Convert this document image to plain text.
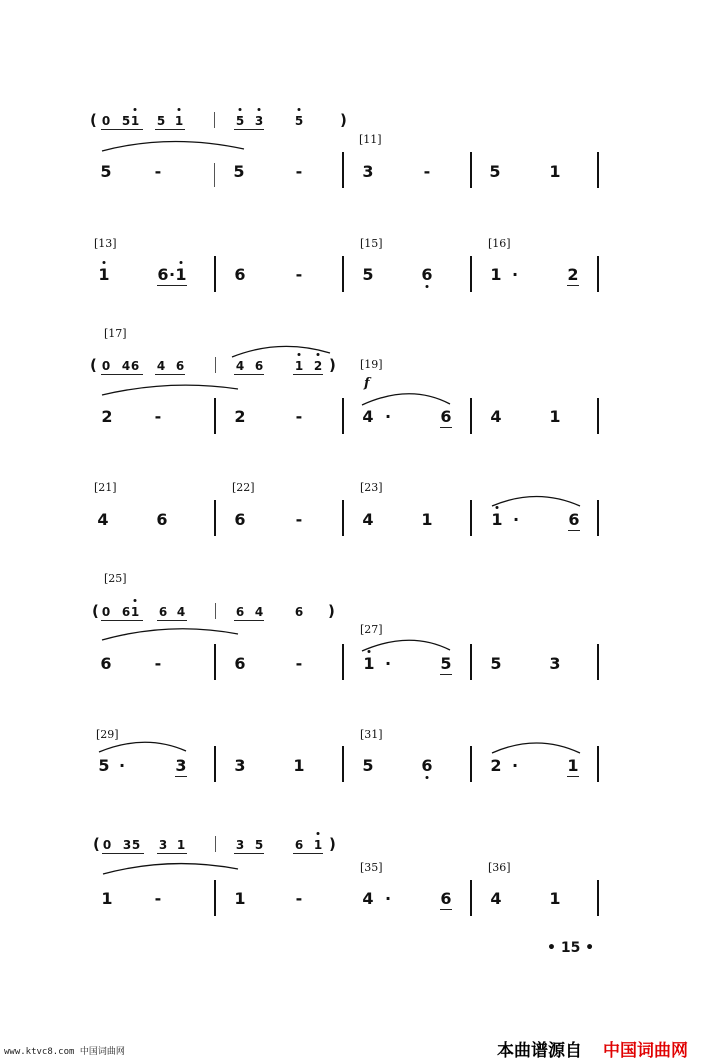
( 0 5 1 5 1	5 3	5 )
[11]
5	-	5	-	3	-	5	1
[13]	[15]	[16]
1	6 · 1	6	-	5	6	1 ·	2
[17]
( 0 4 6 4 6	4 6	1 2 ) [19]
f
2	-	2	-	4 ·	6 4	1
[21]	[22]	[23]
4	6	6	-	4	1	1 ·	6
[25]
( 0 6 1 6 4	6 4	6 )
[27]
6	-	6	-	1 ·	5 5	3
[29]	[31]
5 ·	3	3	1	5	6	2 ·	1
( 0 3 5 3 1	3 5	6 1 )
[35]	[36]
1	-	1	-	4 ·	6 4	1
• 15 •
www.ktvc8.com 中国词曲网	本曲谱源自 中国词曲网
